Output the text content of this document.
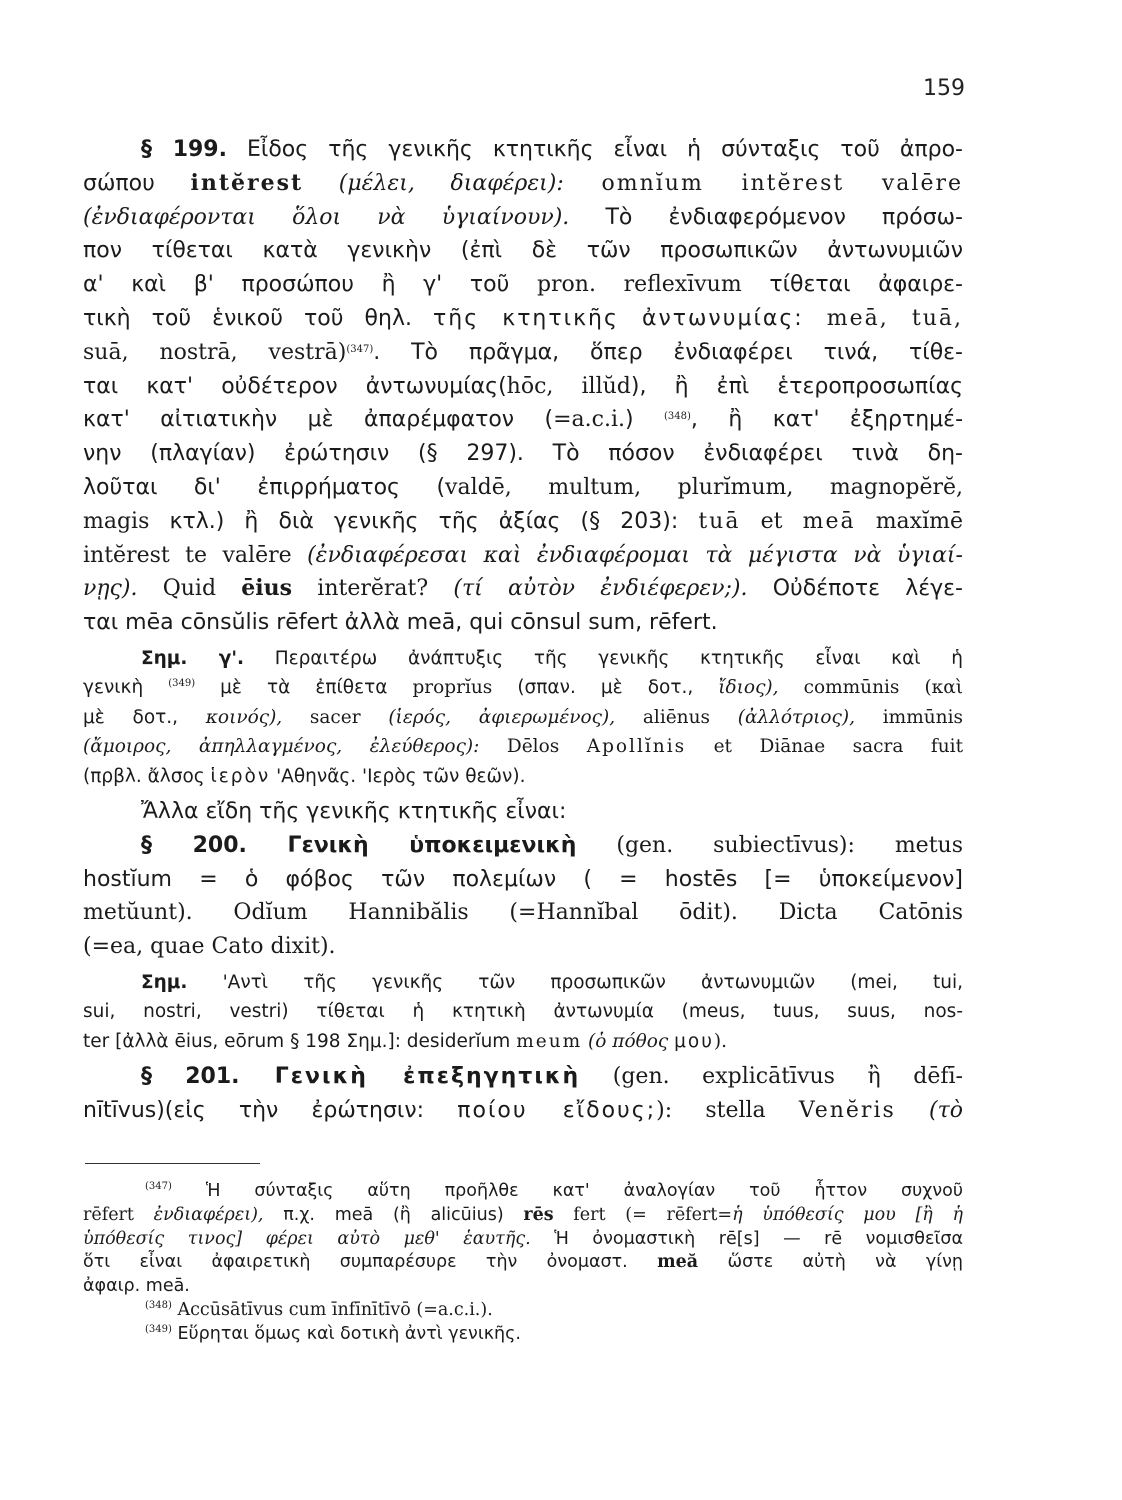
159
§ 199. Εἶδος τῆς γενικῆς κτητικῆς εἶναι ἡ σύνταξις τοῦ ἀπρο-
σώπου intĕrest (μέλει, διαφέρει): omnĭum intĕrest valēre
(ἐνδιαφέρονται ὅλοι νὰ ὑγιαίνουν). Τὸ ἐνδιαφερόμενον πρόσω-
πον τίθεται κατὰ γενικὴν (ἐπὶ δὲ τῶν προσωπικῶν ἀντωνυμιῶν
α' καὶ β' προσώπου ἢ γ' τοῦ pron. reflexīvum τίθεται ἀφαιρε-
τικὴ τοῦ ἑνικοῦ τοῦ θηλ. τῆς κτητικῆς ἀντωνυμίας: meā, tuā,
suā, nostrā, vestrā)$^{(347)}$. Τὸ πρᾶγμα, ὅπερ ἐνδιαφέρει τινά, τίθε-
ται κατ' οὐδέτερον ἀντωνυμίας(hōc, illŭd), ἢ ἐπὶ ἑτεροπροσωπίας
κατ' αἰτιατικὴν μὲ ἀπαρέμφατον (=a.c.i.) $^{(348)}$, ἢ κατ' ἐξηρτημέ-
νην (πλαγίαν) ἐρώτησιν (§ 297). Τὸ πόσον ἐνδιαφέρει τινὰ δη-
λοῦται δι' ἐπιρρήματος (valdē, multum, plurĭmum, magnopĕrĕ,
magis κτλ.) ἢ διὰ γενικῆς τῆς ἀξίας (§ 203): tuā et meā maxĭmē
intĕrest te valēre (ἐνδιαφέρεσαι καὶ ἐνδιαφέρομαι τὰ μέγιστα νὰ ὑγιαί-
νῃς). Quid ēius interĕrat? (τί αὐτὸν ἐνδιέφερεν;). Οὐδέποτε λέγε-
ται mēa cōnsŭlis rēfert ἀλλὰ meā, qui cōnsul sum, rēfert.
Σημ. γ'. Περαιτέρω ἀνάπτυξις τῆς γενικῆς κτητικῆς εἶναι καὶ ἡ
γενικὴ $^{(349)}$ μὲ τὰ ἐπίθετα proprĭus (σπαν. μὲ δοτ., ἴδιος), commūnis (καὶ
μὲ δοτ., κοινός), sacer (ἱερός, ἀφιερωμένος), aliēnus (ἀλλότριος), immūnis
(ἄμοιρος, ἀπηλλαγμένος, ἐλεύθερος): Dēlos Apollĭnis et Diānae sacra fuit
(πρβλ. ἄλσος ἱερὸν 'Αθηνᾶς. 'Ιερὸς τῶν θεῶν).
Ἄλλα εἴδη τῆς γενικῆς κτητικῆς εἶναι:
§ 200. Γενικὴ ὑποκειμενικὴ (gen. subiectīvus): metus
hostĭum = ὁ φόβος τῶν πολεμίων ( = hostēs [= ὑποκείμενον]
metŭunt). Odĭum Hannibălis (=Hannĭbal ōdit). Dicta Catōnis
(=ea, quae Cato dixit).
Σημ. 'Αντὶ τῆς γενικῆς τῶν προσωπικῶν ἀντωνυμιῶν (mei, tui,
sui, nostri, vestri) τίθεται ἡ κτητικὴ ἀντωνυμία (meus, tuus, suus, nos-
ter [ἀλλὰ ēius, eōrum § 198 Σημ.]: desiderĭum meum (ὁ πόθος μου).
§ 201. Γενικὴ ἐπεξηγητικὴ (gen. explicātīvus ἢ dēfī-
nītīvus)(εἰς τὴν ἐρώτησιν: ποίου εἴδους;): stella Venĕris (τὸ
$^{(347)}$ Ἡ σύνταξις αὕτη προῆλθε κατ' ἀναλογίαν τοῦ ἧττον συχνοῦ
rēfert ἐνδιαφέρει), π.χ. meā (ἢ alicūius) rēs fert (= rēfert=ἡ ὑπόθεσίς μου [ἢ ἡ
ὑπόθεσίς τινος] φέρει αὐτὸ μεθ' ἑαυτῆς. Ἡ ὀνομαστικὴ rē[s] — rē νομισθεῖσα
ὅτι εἶναι ἀφαιρετικὴ συμπαρέσυρε τὴν ὀνομαστ. meă ὥστε αὐτὴ νὰ γίνῃ
ἀφαιρ. meā.
$^{(348)}$ Accūsātīvus cum īnfīnītīvō (=a.c.i.).
$^{(349)}$ Εὕρηται ὅμως καὶ δοτικὴ ἀντὶ γενικῆς.
